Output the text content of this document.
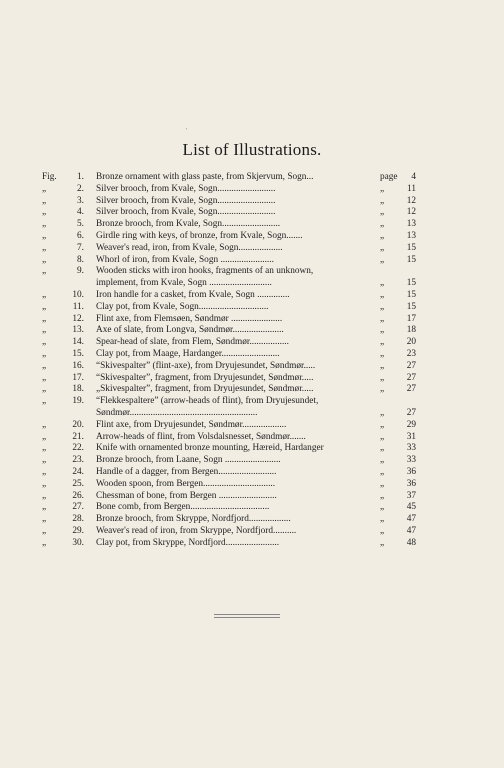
'
List of Illustrations.
Fig.	1. Bronze ornament with glass paste, from Skjervum, Sogn...	page	4
„	2. Silver brooch, from Kvale, Sogn.........................	„	11
„	3. Silver brooch, from Kvale, Sogn.........................	„	12
„	4. Silver brooch, from Kvale, Sogn.........................	„	12
„	5. Bronze brooch, from Kvale, Sogn.........................	„	13
„	6. Girdle ring with keys, of bronze, from Kvale, Sogn.......	„	13
„	7. Weaver's read, iron, from Kvale, Sogn...................	„	15
„	8. Whorl of iron, from Kvale, Sogn .......................	„	15
„	9. Wooden sticks with iron hooks, fragments of an unknown,
implement, from Kvale, Sogn ...........................	„	15
„	10. Iron handle for a casket, from Kvale, Sogn ..............	„	15
„	11. Clay pot, from Kvale, Sogn..............................	„	15
„	12. Flint axe, from Flemsøen, Søndmør ......................	„	17
„	13. Axe of slate, from Longva, Søndmør......................	„	18
„	14. Spear-head of slate, from Flem, Søndmør.................	„	20
„	15. Clay pot, from Maage, Hardanger.........................	„	23
„	16. “Skivespalter” (flint-axe), from Dryujesundet, Søndmør.....	„	27
„	17. “Skivespalter”, fragment, from Dryujesundet, Søndmør.....	„	27
„	18. „Skivespalter”, fragment, from Dryujesundet, Søndmør.....	„	27
„	19. “Flekkespaltere” (arrow-heads of flint), from Dryujesundet,
Søndmør.......................................................	„	27
„	20. Flint axe, from Dryujesundet, Søndmør...................	„	29
„	21. Arrow-heads of flint, from Volsdalsnesset, Søndmør.......	„	31
„	22. Knife with ornamented bronze mounting, Hæreid, Hardanger	„	33
„	23. Bronze brooch, from Laane, Sogn ........................	„	33
„	24. Handle of a dagger, from Bergen.........................	„	36
„	25. Wooden spoon, from Bergen...............................	„	36
„	26. Chessman of bone, from Bergen .........................	„	37
„	27. Bone comb, from Bergen..................................	„	45
„	28. Bronze brooch, from Skryppe, Nordfjord..................	„	47
„	29. Weaver's read of iron, from Skryppe, Nordfjord..........	„	47
„	30. Clay pot, from Skryppe, Nordfjord.......................	„	48
